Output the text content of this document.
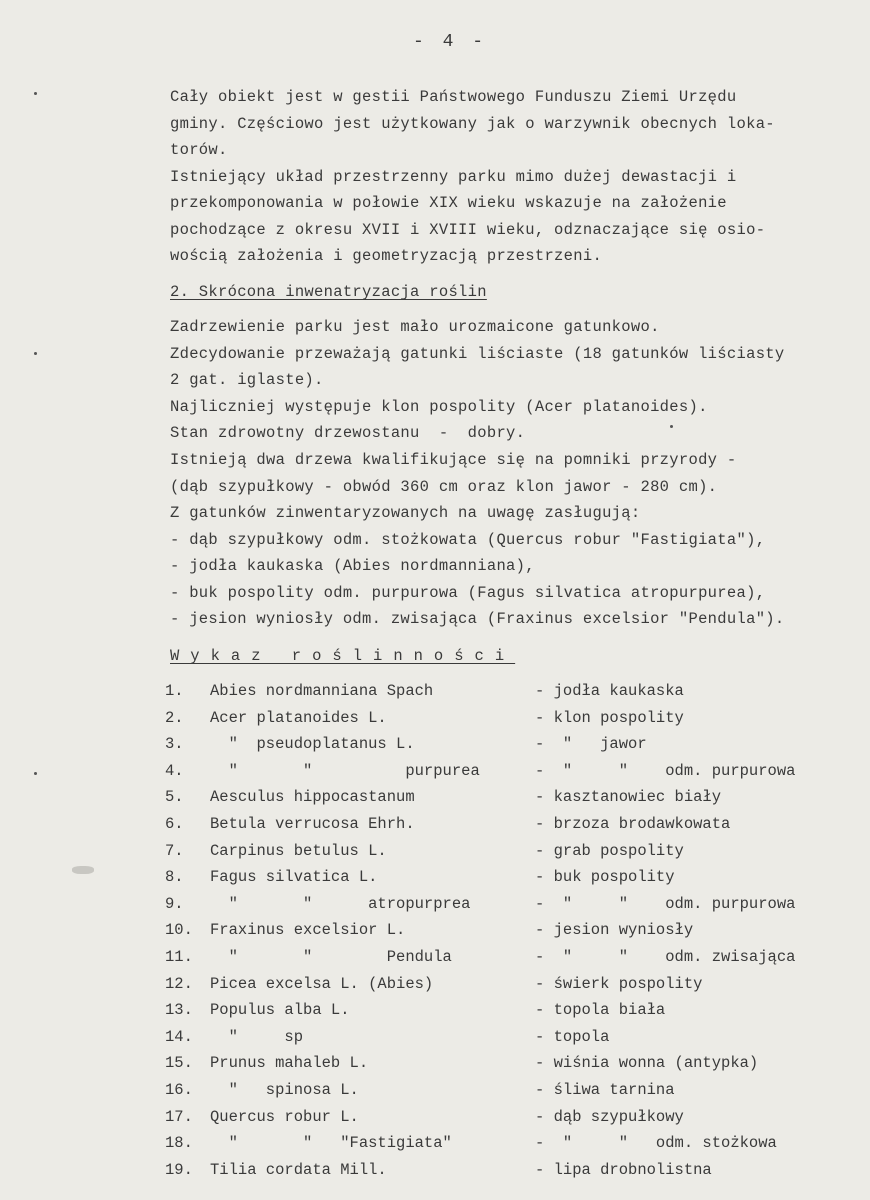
- 4 -
Cały obiekt jest w gestii Państwowego Funduszu Ziemi Urzędu
gminy. Częściowo jest użytkowany jak o warzywnik obecnych loka-
torów.
Istniejący układ przestrzenny parku mimo dużej dewastacji i
przekomponowania w połowie XIX wieku wskazuje na założenie
pochodzące z okresu XVII i XVIII wieku, odznaczające się osio-
wością założenia i geometryzacją przestrzeni.
2. Skrócona inwenatryzacja roślin
Zadrzewienie parku jest mało urozmaicone gatunkowo.
Zdecydowanie przeważają gatunki liściaste (18 gatunków liściasty
2 gat. iglaste).
Najliczniej występuje klon pospolity (Acer platanoides).
Stan zdrowotny drzewostanu  -  dobry.
Istnieją dwa drzewa kwalifikujące się na pomniki przyrody -
(dąb szypułkowy - obwód 360 cm oraz klon jawor - 280 cm).
Z gatunków zinwentaryzowanych na uwagę zasługują:
- dąb szypułkowy odm. stożkowata (Quercus robur "Fastigiata"),
- jodła kaukaska (Abies nordmanniana),
- buk pospolity odm. purpurowa (Fagus silvatica atropurpurea),
- jesion wyniosły odm. zwisająca (Fraxinus excelsior "Pendula").
Wykaz roślinności
1. Abies nordmanniana Spach	- jodła kaukaska
2. Acer platanoides L.	- klon pospolity
3. "  pseudoplatanus L.	-  "   jawor
4. "       "          purpurea	-  "     "    odm. purpurowa
5. Aesculus hippocastanum	- kasztanowiec biały
6. Betula verrucosa Ehrh.	- brzoza brodawkowata
7. Carpinus betulus L.	- grab pospolity
8. Fagus silvatica L.	- buk pospolity
9. "       "      atropurprea	-  "     "    odm. purpurowa
10. Fraxinus excelsior L.	- jesion wyniosły
11. "       "        Pendula	-  "     "    odm. zwisająca
12. Picea excelsa L. (Abies)	- świerk pospolity
13. Populus alba L.	- topola biała
14. "     sp	- topola
15. Prunus mahaleb L.	- wiśnia wonna (antypka)
16. "   spinosa L.	- śliwa tarnina
17. Quercus robur L.	- dąb szypułkowy
18. "       "   "Fastigiata"	-  "     "   odm. stożkowa
19. Tilia cordata Mill.	- lipa drobnolistna
